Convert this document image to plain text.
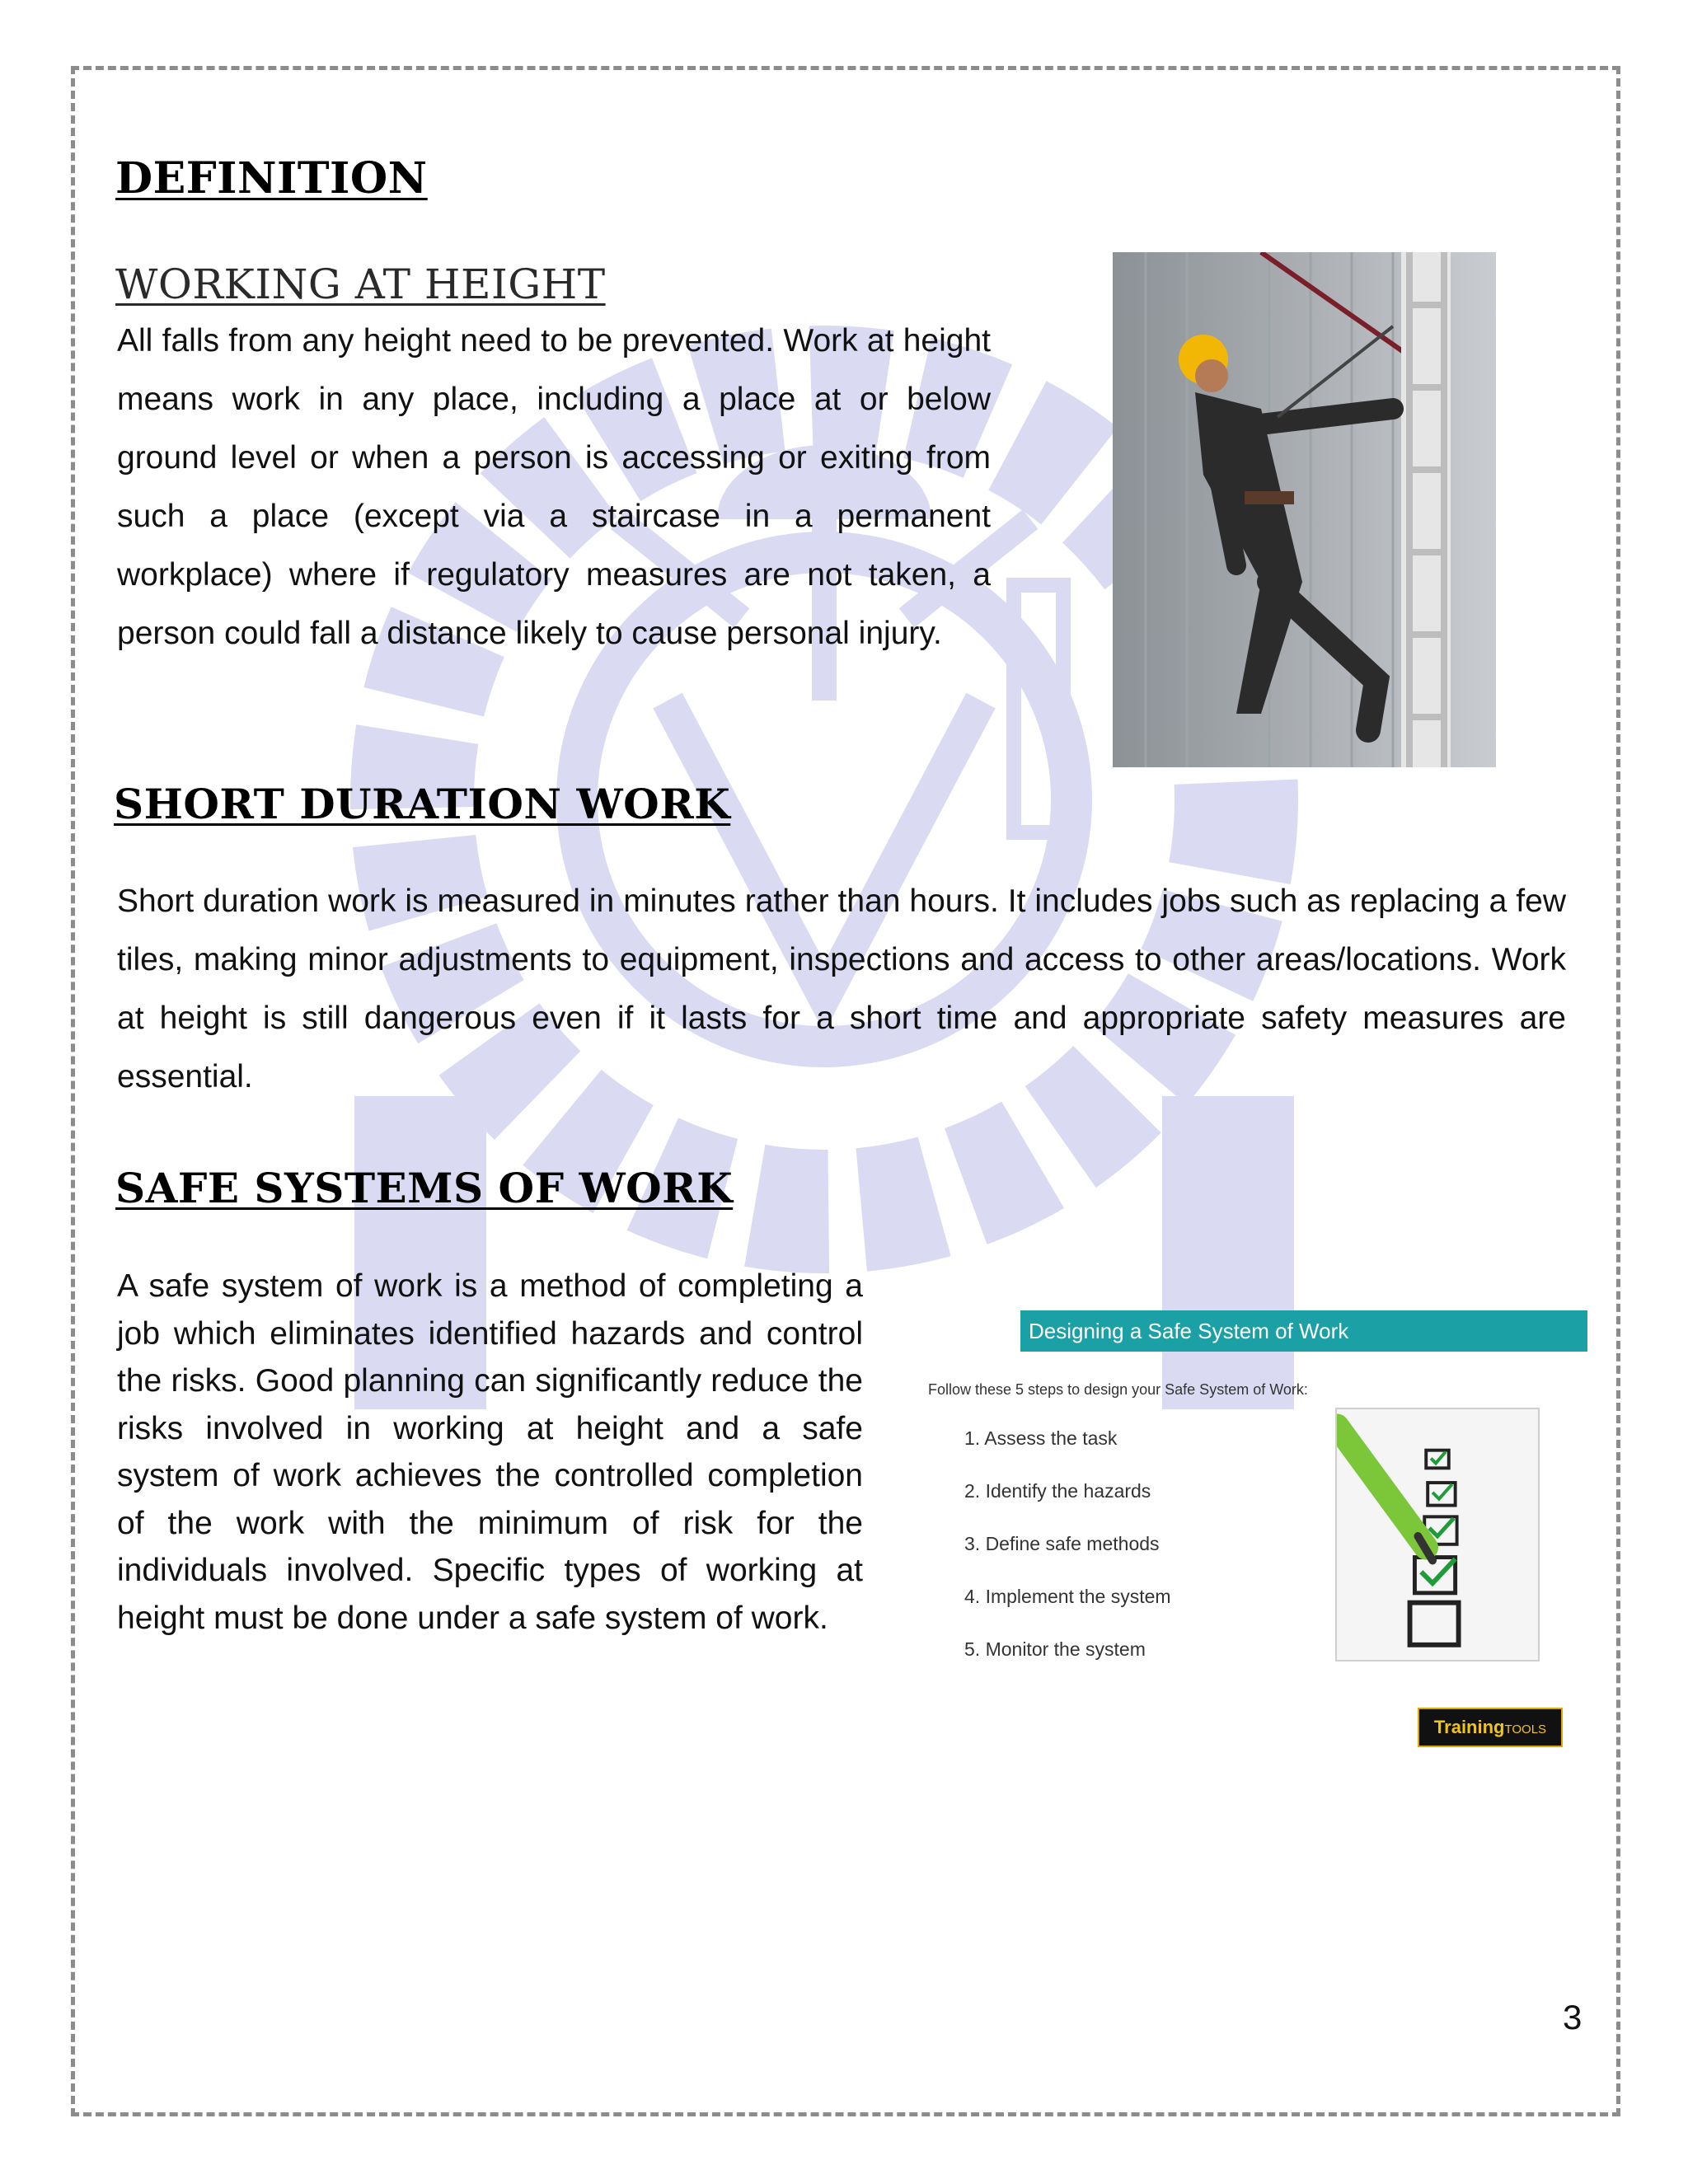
DEFINITION
WORKING AT HEIGHT

All falls from any height need to be prevented. Work at height means work in any place, including a place at or below ground level or when a person is accessing or exiting from such a place (except via a staircase in a permanent workplace) where if regulatory measures are not taken, a person could fall a distance likely to cause personal injury.

SHORT DURATION WORK

Short duration work is measured in minutes rather than hours. It includes jobs such as replacing a few tiles, making minor adjustments to equipment, inspections and access to other areas/locations. Work at height is still dangerous even if it lasts for a short time and appropriate safety measures are essential.

SAFE SYSTEMS OF WORK

A safe system of work is a method of completing a job which eliminates identified hazards and control the risks. Good planning can significantly reduce the risks involved in working at height and a safe system of work achieves the controlled completion of the work with the minimum of risk for the individuals involved. Specific types of working at height must be done under a safe system of work.

Designing a Safe System of Work
Follow these 5 steps to design your Safe System of Work:
1. Assess the task
2. Identify the hazards
3. Define safe methods
4. Implement the system
5. Monitor the system
TrainingTOOLS
3
